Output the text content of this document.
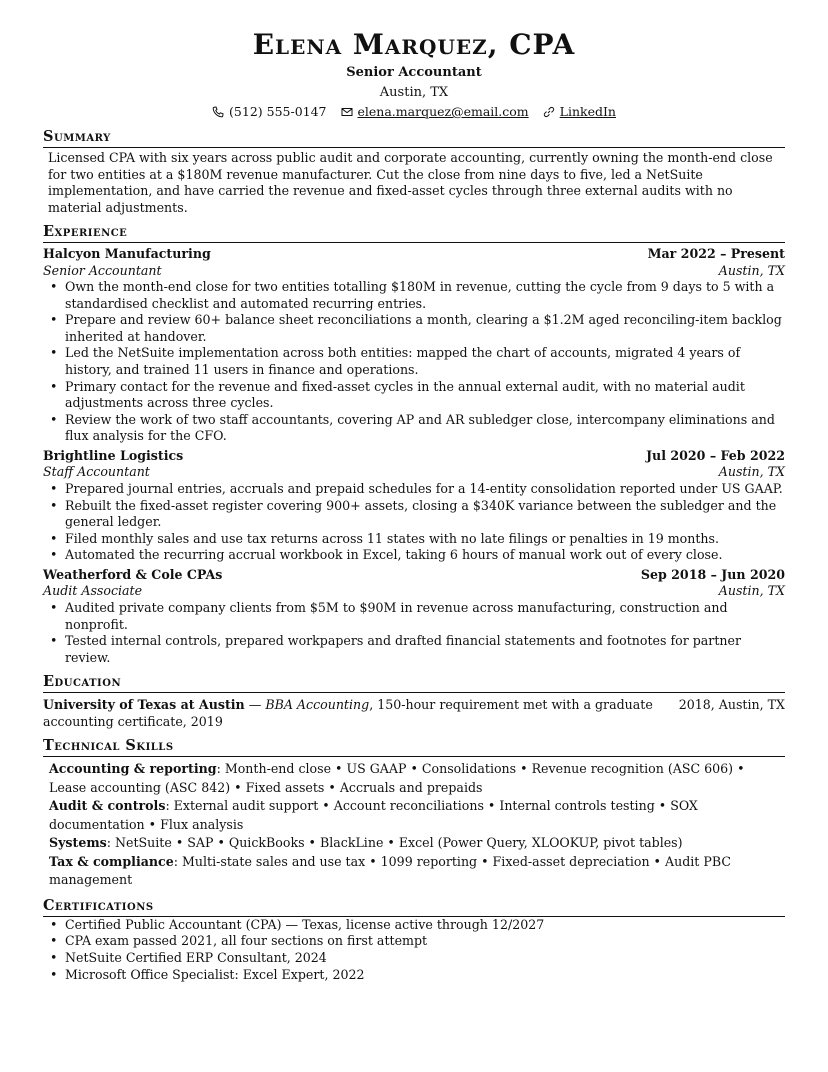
Elena Marquez, CPA
Senior Accountant
Austin, TX
(512) 555-0147 elena.marquez@email.com LinkedIn
Summary
Licensed CPA with six years across public audit and corporate accounting, currently owning the month-end close for two entities at a $180M revenue manufacturer. Cut the close from nine days to five, led a NetSuite implementation, and have carried the revenue and fixed-asset cycles through three external audits with no material adjustments.
Experience
Halcyon Manufacturing	Mar 2022 – Present
Senior Accountant	Austin, TX
• Own the month-end close for two entities totalling $180M in revenue, cutting the cycle from 9 days to 5 with a standardised checklist and automated recurring entries.
• Prepare and review 60+ balance sheet reconciliations a month, clearing a $1.2M aged reconciling-item backlog inherited at handover.
• Led the NetSuite implementation across both entities: mapped the chart of accounts, migrated 4 years of history, and trained 11 users in finance and operations.
• Primary contact for the revenue and fixed-asset cycles in the annual external audit, with no material audit adjustments across three cycles.
• Review the work of two staff accountants, covering AP and AR subledger close, intercompany eliminations and flux analysis for the CFO.
Brightline Logistics	Jul 2020 – Feb 2022
Staff Accountant	Austin, TX
• Prepared journal entries, accruals and prepaid schedules for a 14-entity consolidation reported under US GAAP.
• Rebuilt the fixed-asset register covering 900+ assets, closing a $340K variance between the subledger and the general ledger.
• Filed monthly sales and use tax returns across 11 states with no late filings or penalties in 19 months.
• Automated the recurring accrual workbook in Excel, taking 6 hours of manual work out of every close.
Weatherford & Cole CPAs	Sep 2018 – Jun 2020
Audit Associate	Austin, TX
• Audited private company clients from $5M to $90M in revenue across manufacturing, construction and nonprofit.
• Tested internal controls, prepared workpapers and drafted financial statements and footnotes for partner review.
Education
University of Texas at Austin — BBA Accounting, 150-hour requirement met with a graduate accounting certificate, 2019
2018, Austin, TX
Technical Skills
Accounting & reporting: Month-end close • US GAAP • Consolidations • Revenue recognition (ASC 606) • Lease accounting (ASC 842) • Fixed assets • Accruals and prepaids
Audit & controls: External audit support • Account reconciliations • Internal controls testing • SOX documentation • Flux analysis
Systems: NetSuite • SAP • QuickBooks • BlackLine • Excel (Power Query, XLOOKUP, pivot tables)
Tax & compliance: Multi-state sales and use tax • 1099 reporting • Fixed-asset depreciation • Audit PBC management
Certifications
• Certified Public Accountant (CPA) — Texas, license active through 12/2027
• CPA exam passed 2021, all four sections on first attempt
• NetSuite Certified ERP Consultant, 2024
• Microsoft Office Specialist: Excel Expert, 2022
